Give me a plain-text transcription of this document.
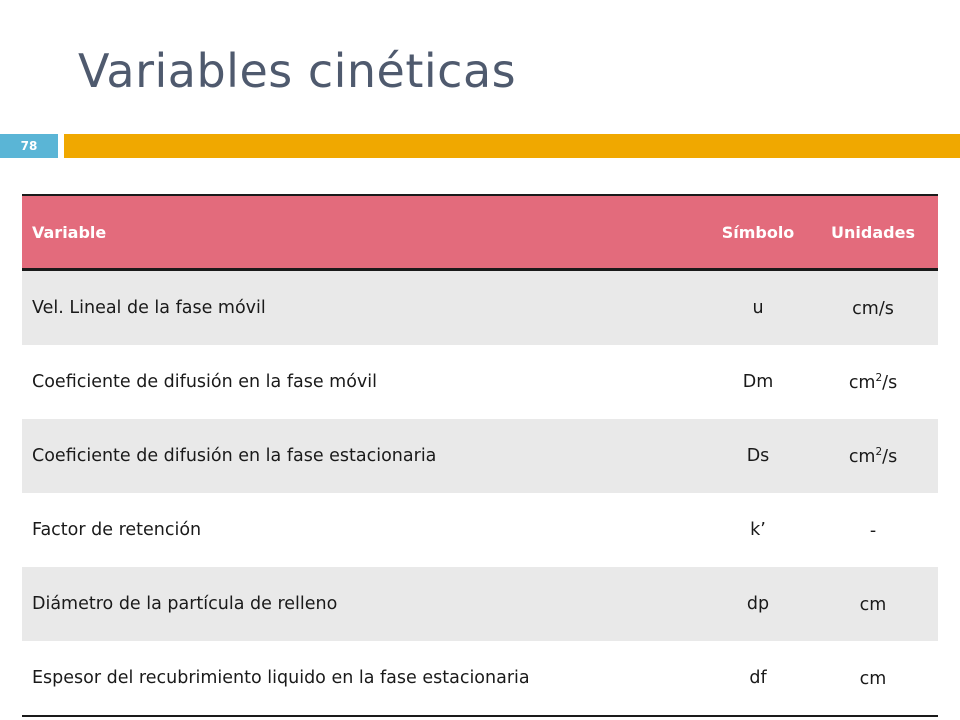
Variables cinéticas
78
Variable	Símbolo	Unidades
Vel. Lineal de la fase móvil	u	cm/s
Coeficiente de difusión en la fase móvil	Dm	$cm^2/s$
Coeficiente de difusión en la fase estacionaria	Ds	$cm^2/s$
Factor de retención	k’	-
Diámetro de la partícula de relleno	dp	cm
Espesor del recubrimiento liquido en la fase estacionaria	df	cm
